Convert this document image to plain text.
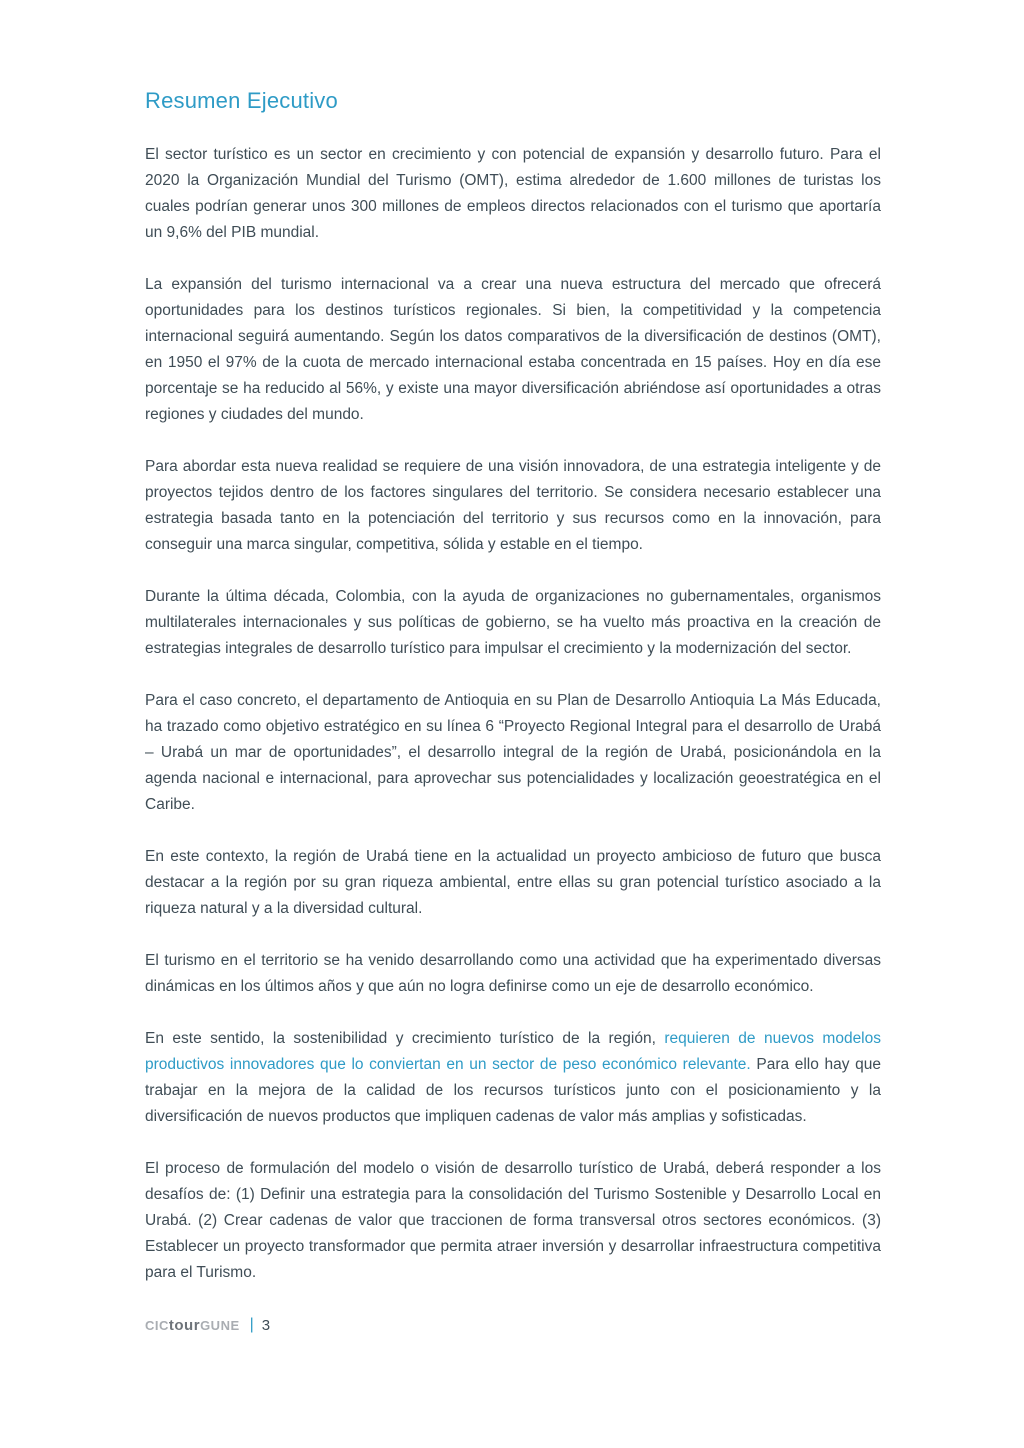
Resumen Ejecutivo

El sector turístico es un sector en crecimiento y con potencial de expansión y desarrollo futuro. Para el 2020 la Organización Mundial del Turismo (OMT), estima alrededor de 1.600 millones de turistas los cuales podrían generar unos 300 millones de empleos directos relacionados con el turismo que aportaría un 9,6% del PIB mundial.

La expansión del turismo internacional va a crear una nueva estructura del mercado que ofrecerá oportunidades para los destinos turísticos regionales. Si bien, la competitividad y la competencia internacional seguirá aumentando. Según los datos comparativos de la diversificación de destinos (OMT), en 1950 el 97% de la cuota de mercado internacional estaba concentrada en 15 países. Hoy en día ese porcentaje se ha reducido al 56%, y existe una mayor diversificación abriéndose así oportunidades a otras regiones y ciudades del mundo.

Para abordar esta nueva realidad se requiere de una visión innovadora, de una estrategia inteligente y de proyectos tejidos dentro de los factores singulares del territorio. Se considera necesario establecer una estrategia basada tanto en la potenciación del territorio y sus recursos como en la innovación, para conseguir una marca singular, competitiva, sólida y estable en el tiempo.

Durante la última década, Colombia, con la ayuda de organizaciones no gubernamentales, organismos multilaterales internacionales y sus políticas de gobierno, se ha vuelto más proactiva en la creación de estrategias integrales de desarrollo turístico para impulsar el crecimiento y la modernización del sector.

Para el caso concreto, el departamento de Antioquia en su Plan de Desarrollo Antioquia La Más Educada, ha trazado como objetivo estratégico en su línea 6 “Proyecto Regional Integral para el desarrollo de Urabá – Urabá un mar de oportunidades”, el desarrollo integral de la región de Urabá, posicionándola en la agenda nacional e internacional, para aprovechar sus potencialidades y localización geoestratégica en el Caribe.

En este contexto, la región de Urabá tiene en la actualidad un proyecto ambicioso de futuro que busca destacar a la región por su gran riqueza ambiental, entre ellas su gran potencial turístico asociado a la riqueza natural y a la diversidad cultural.

El turismo en el territorio se ha venido desarrollando como una actividad que ha experimentado diversas dinámicas en los últimos años y que aún no logra definirse como un eje de desarrollo económico.

En este sentido, la sostenibilidad y crecimiento turístico de la región, requieren de nuevos modelos productivos innovadores que lo conviertan en un sector de peso económico relevante. Para ello hay que trabajar en la mejora de la calidad de los recursos turísticos junto con el posicionamiento y la diversificación de nuevos productos que impliquen cadenas de valor más amplias y sofisticadas.

El proceso de formulación del modelo o visión de desarrollo turístico de Urabá, deberá responder a los desafíos de: (1) Definir una estrategia para la consolidación del Turismo Sostenible y Desarrollo Local en Urabá. (2) Crear cadenas de valor que traccionen de forma transversal otros sectores económicos. (3) Establecer un proyecto transformador que permita atraer inversión y desarrollar infraestructura competitiva para el Turismo.

CICtourGUNE | 3
